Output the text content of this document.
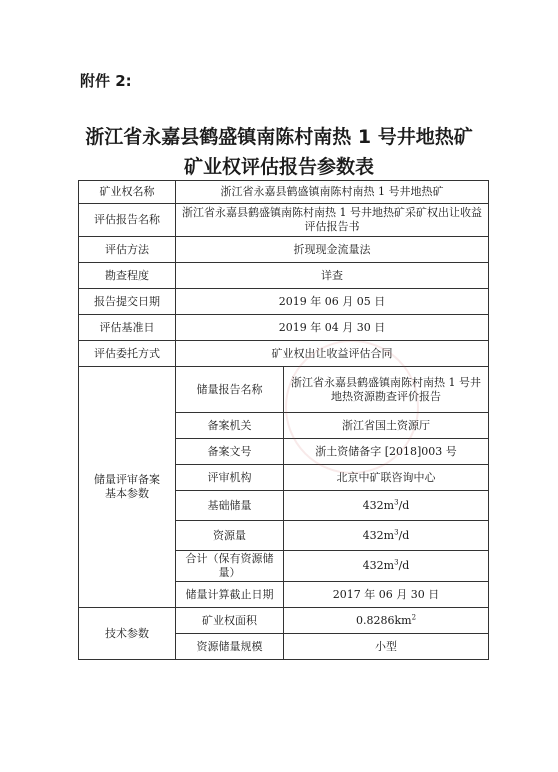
附件 2:
浙江省永嘉县鹤盛镇南陈村南热 1 号井地热矿
矿业权评估报告参数表
矿业权名称	浙江省永嘉县鹤盛镇南陈村南热 1 号井地热矿	
评估报告名称	浙江省永嘉县鹤盛镇南陈村南热 1 号井地热矿采矿权出让收益评估报告书	
评估方法	折现现金流量法	
勘查程度	详查	
报告提交日期	2019 年 06 月 05 日	
评估基准日	2019 年 04 月 30 日	
评估委托方式	矿业权出让收益评估合同	
储量评审备案
基本参数	储量报告名称	浙江省永嘉县鹤盛镇南陈村南热 1 号井地热资源勘查评价报告
	备案机关	浙江省国土资源厅
	备案文号	浙土资储备字 [2018]003 号
	评审机构	北京中矿联咨询中心
	基础储量	$432m^3/d$
	资源量	$432m^3/d$
	合计（保有资源储量）	$432m^3/d$
	储量计算截止日期	2017 年 06 月 30 日
技术参数	矿业权面积	$0.8286km^2$
	资源储量规模	小型
